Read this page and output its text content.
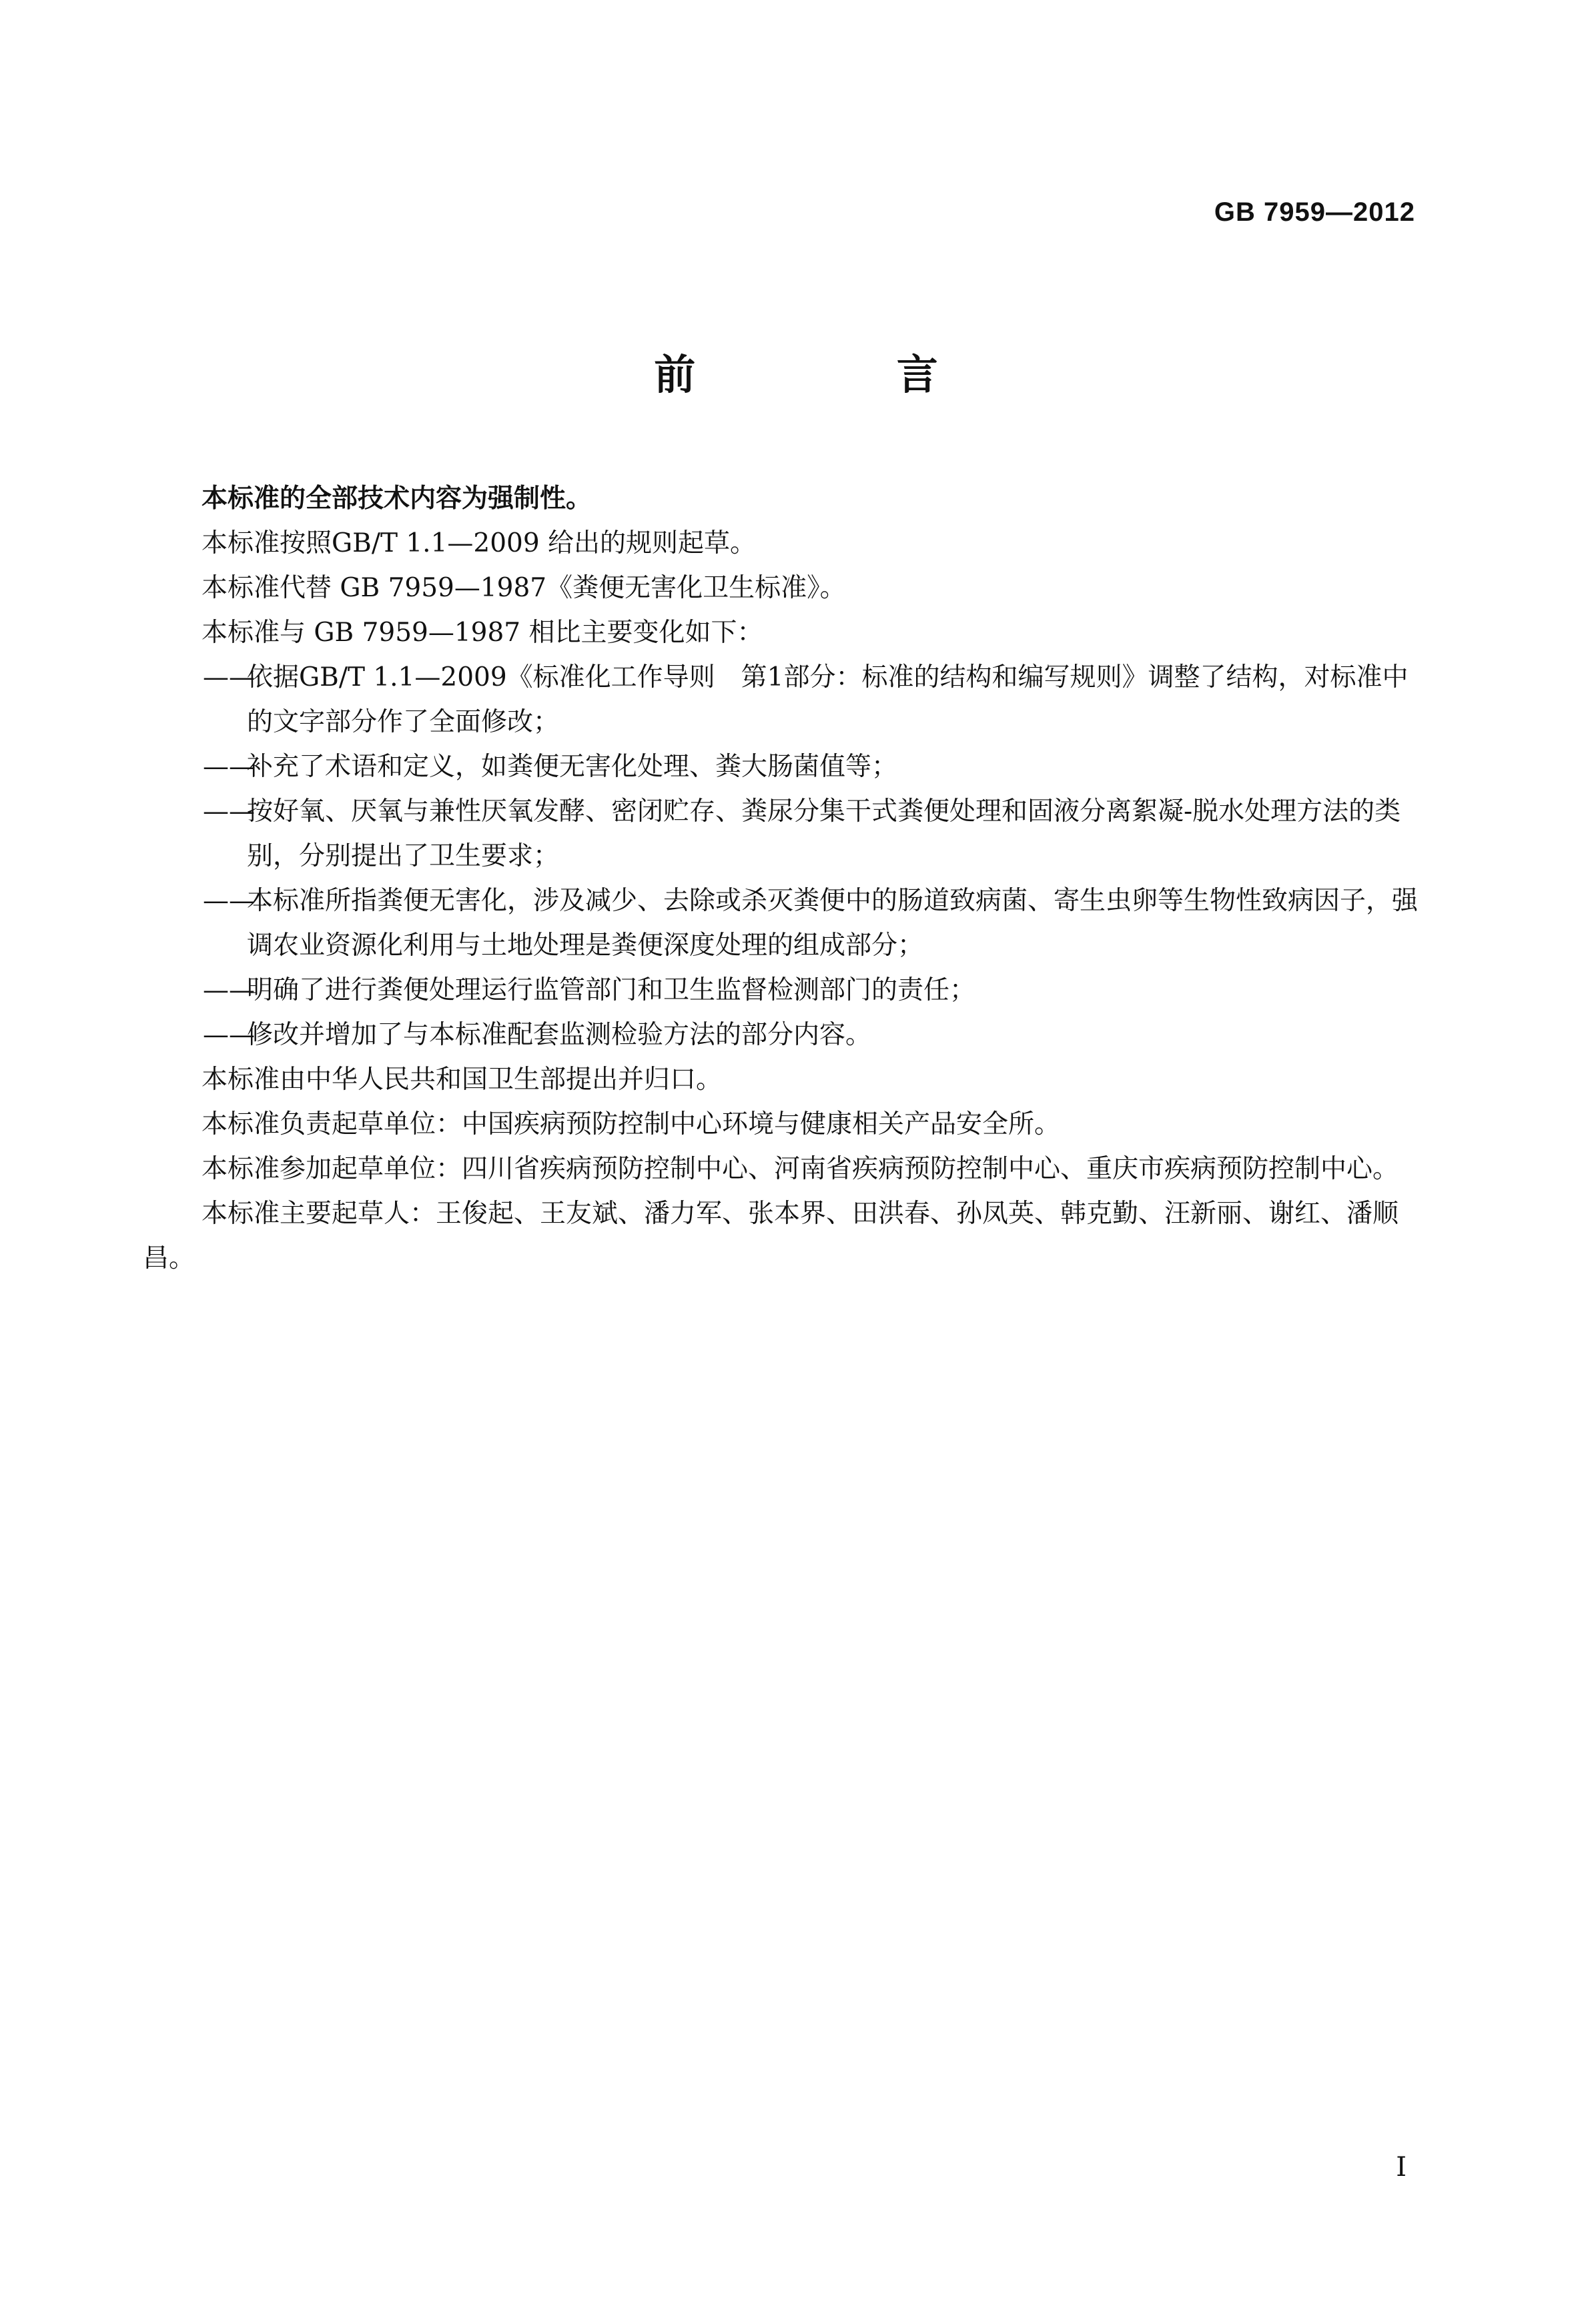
GB 7959—2012
前 言

本标准的全部技术内容为强制性。

本标准按照GB/T 1.1—2009 给出的规则起草。

本标准代替 GB 7959—1987《粪便无害化卫生标准》。

本标准与 GB 7959—1987 相比主要变化如下：

——依据GB/T 1.1—2009《标准化工作导则　第1部分：标准的结构和编写规则》调整了结构，对标准中的文字部分作了全面修改；
——补充了术语和定义，如粪便无害化处理、粪大肠菌值等；
——按好氧、厌氧与兼性厌氧发酵、密闭贮存、粪尿分集干式粪便处理和固液分离絮凝-脱水处理方法的类别，分别提出了卫生要求；
——本标准所指粪便无害化，涉及减少、去除或杀灭粪便中的肠道致病菌、寄生虫卵等生物性致病因子，强调农业资源化利用与土地处理是粪便深度处理的组成部分；
——明确了进行粪便处理运行监管部门和卫生监督检测部门的责任；
——修改并增加了与本标准配套监测检验方法的部分内容。

本标准由中华人民共和国卫生部提出并归口。

本标准负责起草单位：中国疾病预防控制中心环境与健康相关产品安全所。

本标准参加起草单位：四川省疾病预防控制中心、河南省疾病预防控制中心、重庆市疾病预防控制中心。

本标准主要起草人：王俊起、王友斌、潘力军、张本界、田洪春、孙凤英、韩克勤、汪新丽、谢红、潘顺昌。

I
